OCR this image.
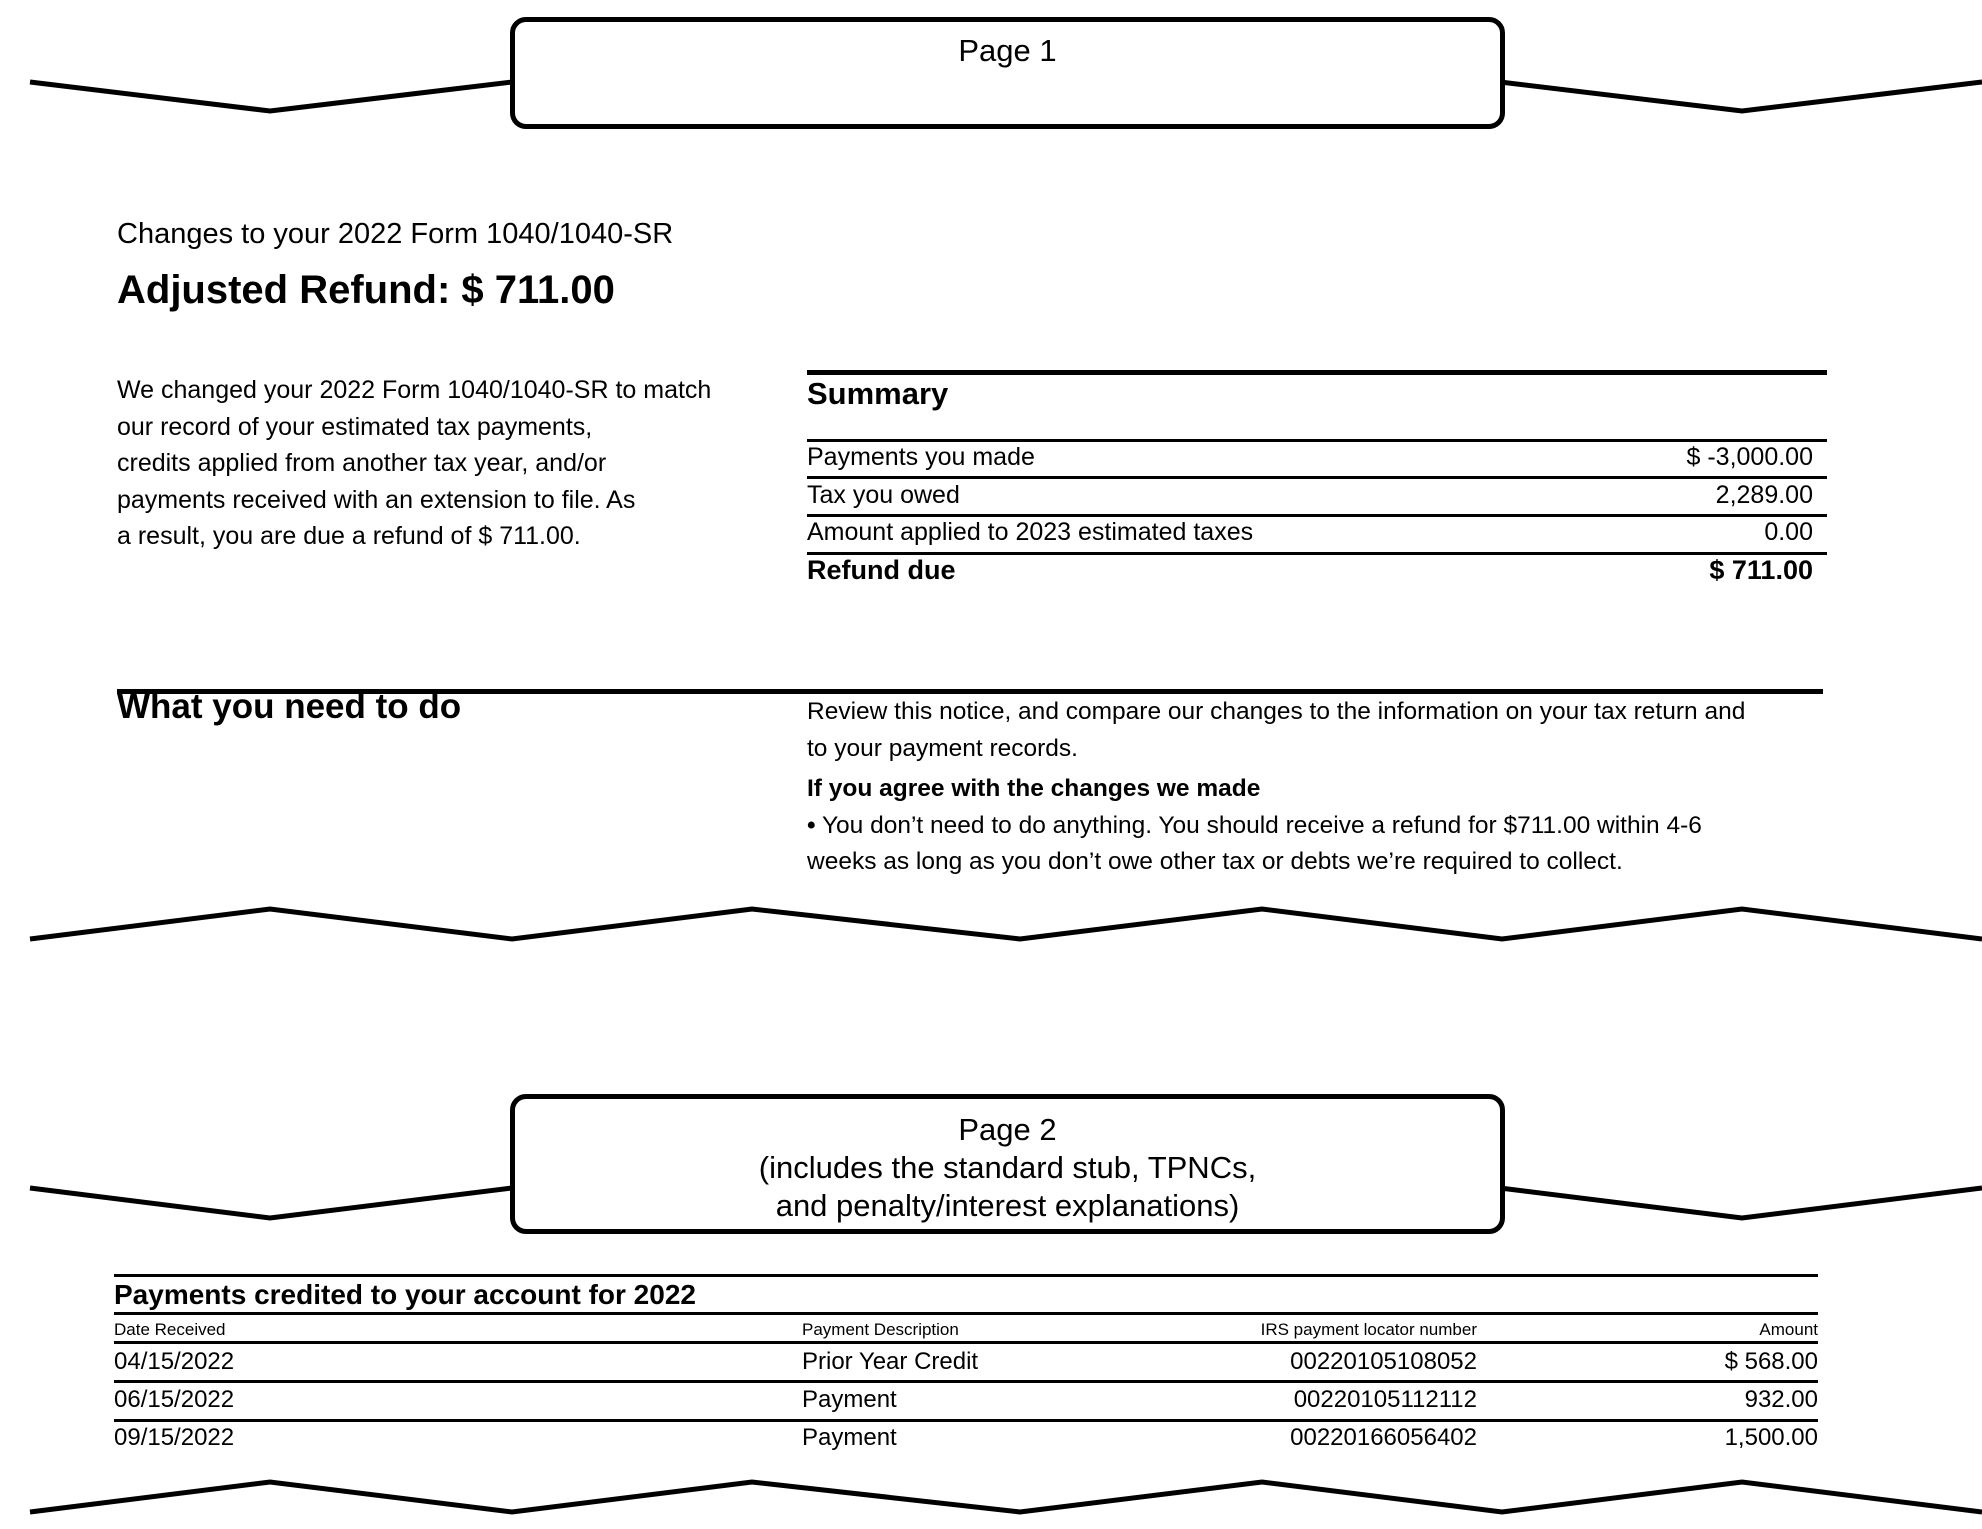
Page 1
Changes to your 2022 Form 1040/1040-SR
Adjusted Refund: $ 711.00
We changed your 2022 Form 1040/1040-SR to match
our record of your estimated tax payments,
credits applied from another tax year, and/or
payments received with an extension to file. As
a result, you are due a refund of $ 711.00.
Summary
Payments you made	$ -3,000.00
Tax you owed	2,289.00
Amount applied to 2023 estimated taxes	0.00
Refund due	$ 711.00
What you need to do	Review this notice, and compare our changes to the information on your tax return and
to your payment records.
If you agree with the changes we made
• You don’t need to do anything. You should receive a refund for $711.00 within 4-6
weeks as long as you don’t owe other tax or debts we’re required to collect.
Page 2
(includes the standard stub, TPNCs,
and penalty/interest explanations)
Payments credited to your account for 2022
Date Received	Payment Description	IRS payment locator number	Amount
04/15/2022	Prior Year Credit	00220105108052	$ 568.00
06/15/2022	Payment	00220105112112	932.00
09/15/2022	Payment	00220166056402	1,500.00
